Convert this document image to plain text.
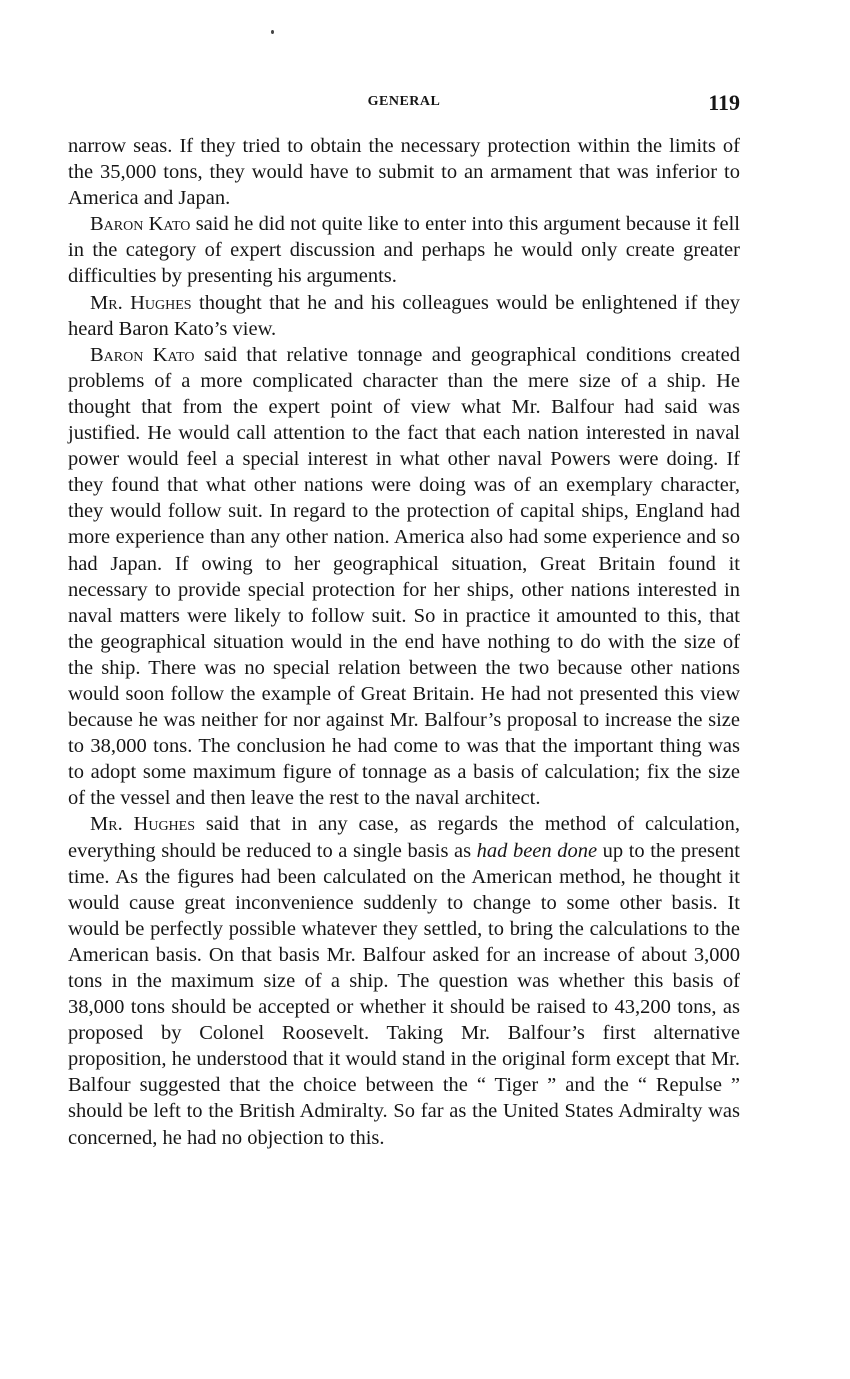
GENERAL	119

narrow seas. If they tried to obtain the necessary protection within the limits of the 35,000 tons, they would have to submit to an armament that was inferior to America and Japan.

Baron Kato said he did not quite like to enter into this argument because it fell in the category of expert discussion and perhaps he would only create greater difficulties by presenting his arguments.

Mr. Hughes thought that he and his colleagues would be enlightened if they heard Baron Kato’s view.

Baron Kato said that relative tonnage and geographical conditions created problems of a more complicated character than the mere size of a ship. He thought that from the expert point of view what Mr. Balfour had said was justified. He would call attention to the fact that each nation interested in naval power would feel a special interest in what other naval Powers were doing. If they found that what other nations were doing was of an exemplary character, they would follow suit. In regard to the protection of capital ships, England had more experience than any other nation. America also had some experience and so had Japan. If owing to her geographical situation, Great Britain found it necessary to provide special protection for her ships, other nations interested in naval matters were likely to follow suit. So in practice it amounted to this, that the geographical situation would in the end have nothing to do with the size of the ship. There was no special relation between the two because other nations would soon follow the example of Great Britain. He had not presented this view because he was neither for nor against Mr. Balfour’s proposal to increase the size to 38,000 tons. The conclusion he had come to was that the important thing was to adopt some maximum figure of tonnage as a basis of calculation; fix the size of the vessel and then leave the rest to the naval architect.

Mr. Hughes said that in any case, as regards the method of calculation, everything should be reduced to a single basis as had been done up to the present time. As the figures had been calculated on the American method, he thought it would cause great inconvenience suddenly to change to some other basis. It would be perfectly possible whatever they settled, to bring the calculations to the American basis. On that basis Mr. Balfour asked for an increase of about 3,000 tons in the maximum size of a ship. The question was whether this basis of 38,000 tons should be accepted or whether it should be raised to 43,200 tons, as proposed by Colonel Roosevelt. Taking Mr. Balfour’s first alternative proposition, he understood that it would stand in the original form except that Mr. Balfour suggested that the choice between the “ Tiger ” and the “ Repulse ” should be left to the British Admiralty. So far as the United States Admiralty was concerned, he had no objection to this.
